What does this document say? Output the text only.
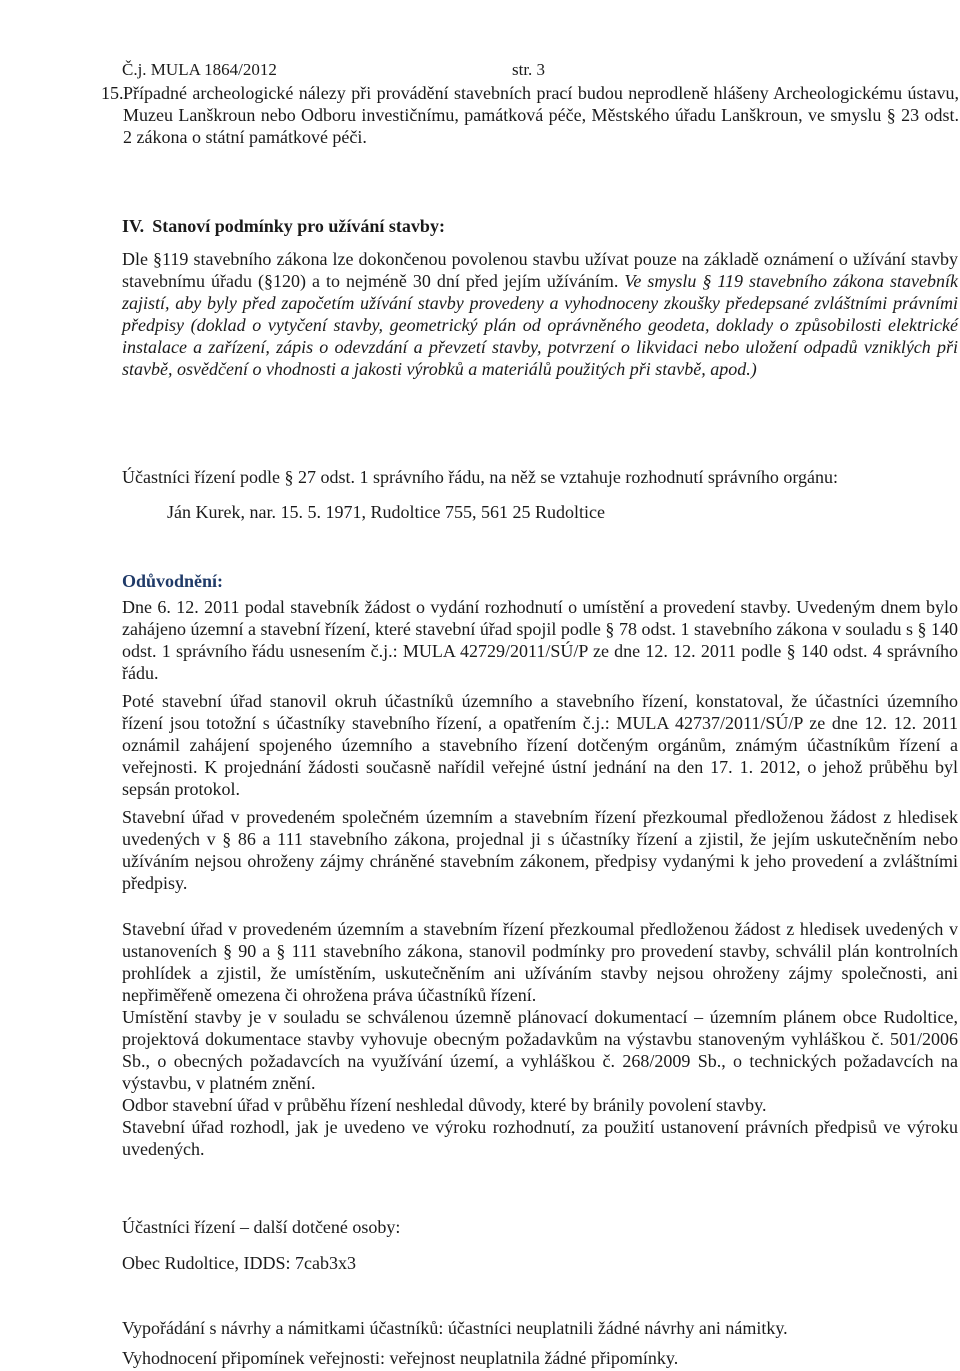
Č.j. MULA 1864/2012	str. 3
15. Případné archeologické nálezy při provádění stavebních prací budou neprodleně hlášeny Archeologickému ústavu, Muzeu Lanškroun nebo Odboru investičnímu, památková péče, Městského úřadu Lanškroun, ve smyslu § 23 odst. 2 zákona o státní památkové péči.
IV. Stanoví podmínky pro užívání stavby:
Dle §119 stavebního zákona lze dokončenou povolenou stavbu užívat pouze na základě oznámení o užívání stavby stavebnímu úřadu (§120) a to nejméně 30 dní před jejím užíváním. Ve smyslu § 119 stavebního zákona stavebník zajistí, aby byly před započetím užívání stavby provedeny a vyhodnoceny zkoušky předepsané zvláštními právními předpisy (doklad o vytyčení stavby, geometrický plán od oprávněného geodeta, doklady o způsobilosti elektrické instalace a zařízení, zápis o odevzdání a převzetí stavby, potvrzení o likvidaci nebo uložení odpadů vzniklých při stavbě, osvědčení o vhodnosti a jakosti výrobků a materiálů použitých při stavbě, apod.)
Účastníci řízení podle § 27 odst. 1 správního řádu, na něž se vztahuje rozhodnutí správního orgánu:
Ján Kurek, nar. 15. 5. 1971, Rudoltice 755, 561 25 Rudoltice
Odůvodnění:

Dne 6. 12. 2011 podal stavebník žádost o vydání rozhodnutí o umístění a provedení stavby. Uvedeným dnem bylo zahájeno územní a stavební řízení, které stavební úřad spojil podle § 78 odst. 1 stavebního zákona v souladu s § 140 odst. 1 správního řádu usnesením č.j.: MULA 42729/2011/SÚ/P ze dne 12. 12. 2011 podle § 140 odst. 4 správního řádu.

Poté stavební úřad stanovil okruh účastníků územního a stavebního řízení, konstatoval, že účastníci územního řízení jsou totožní s účastníky stavebního řízení, a opatřením č.j.: MULA 42737/2011/SÚ/P ze dne 12. 12. 2011 oznámil zahájení spojeného územního a stavebního řízení dotčeným orgánům, známým účastníkům řízení a veřejnosti. K projednání žádosti současně nařídil veřejné ústní jednání na den 17. 1. 2012, o jehož průběhu byl sepsán protokol.

Stavební úřad v provedeném společném územním a stavebním řízení přezkoumal předloženou žádost z hledisek uvedených v § 86 a 111 stavebního zákona, projednal ji s účastníky řízení a zjistil, že jejím uskutečněním nebo užíváním nejsou ohroženy zájmy chráněné stavebním zákonem, předpisy vydanými k jeho provedení a zvláštními předpisy.

Stavební úřad v provedeném územním a stavebním řízení přezkoumal předloženou žádost z hledisek uvedených v ustanoveních § 90 a § 111 stavebního zákona, stanovil podmínky pro provedení stavby, schválil plán kontrolních prohlídek a zjistil, že umístěním, uskutečněním ani užíváním stavby nejsou ohroženy zájmy společnosti, ani nepřiměřeně omezena či ohrožena práva účastníků řízení.

Umístění stavby je v souladu se schválenou územně plánovací dokumentací – územním plánem obce Rudoltice, projektová dokumentace stavby vyhovuje obecným požadavkům na výstavbu stanoveným vyhláškou č. 501/2006 Sb., o obecných požadavcích na využívání území, a vyhláškou č. 268/2009 Sb., o technických požadavcích na výstavbu, v platném znění.

Odbor stavební úřad v průběhu řízení neshledal důvody, které by bránily povolení stavby.

Stavební úřad rozhodl, jak je uvedeno ve výroku rozhodnutí, za použití ustanovení právních předpisů ve výroku uvedených.

Účastníci řízení – další dotčené osoby:
Obec Rudoltice, IDDS: 7cab3x3
Vypořádání s návrhy a námitkami účastníků: účastníci neuplatnili žádné návrhy ani námitky.
Vyhodnocení připomínek veřejnosti: veřejnost neuplatnila žádné připomínky.
